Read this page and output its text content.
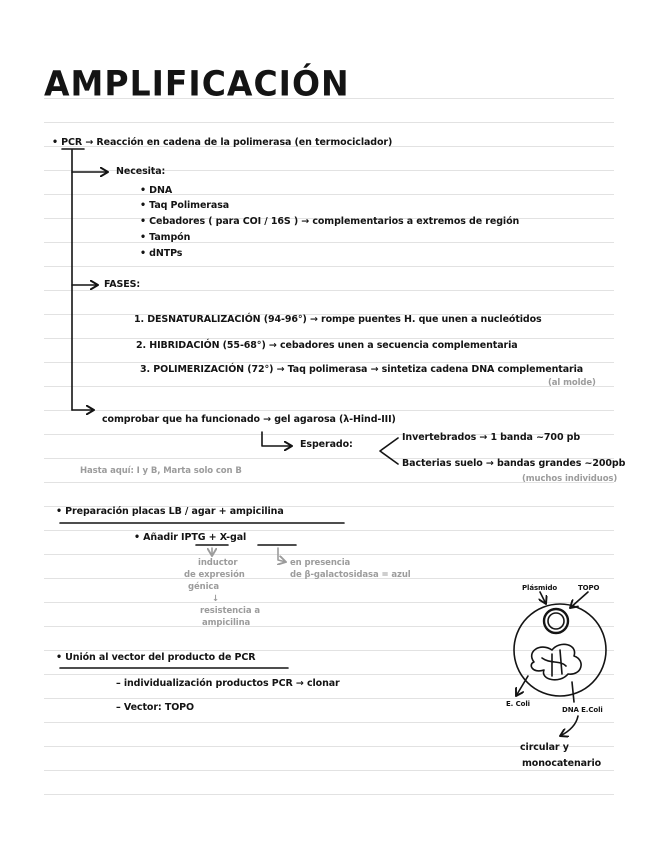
AMPLIFICACIÓN
• PCR → Reacción en cadena de la polimerasa (en termociclador)
Necesita:
• DNA
• Taq Polimerasa
• Cebadores ( para COI / 16S ) → complementarios a extremos de región
• Tampón
• dNTPs
FASES:
1. DESNATURALIZACIÓN (94-96°) → rompe puentes H. que unen a nucleótidos
2. HIBRIDACIÓN (55-68°) → cebadores unen a secuencia complementaria
3. POLIMERIZACIÓN (72°) → Taq polimerasa → sintetiza cadena DNA complementaria
(al molde)
comprobar que ha funcionado → gel agarosa (λ-Hind-III)
Esperado:
Invertebrados → 1 banda ~700 pb
Bacterias suelo → bandas grandes ~200pb
(muchos individuos)
Hasta aquí: I y B, Marta solo con B
• Preparación placas LB / agar + ampicilina
• Añadir IPTG + X-gal
inductor
de expresión
génica
↓
resistencia a
ampicilina
en presencia
de β-galactosidasa = azul
• Unión al vector del producto de PCR
– individualización productos PCR → clonar
– Vector: TOPO
Plásmido	TOPO
E. Coli
DNA E.Coli
circular y
monocatenario
